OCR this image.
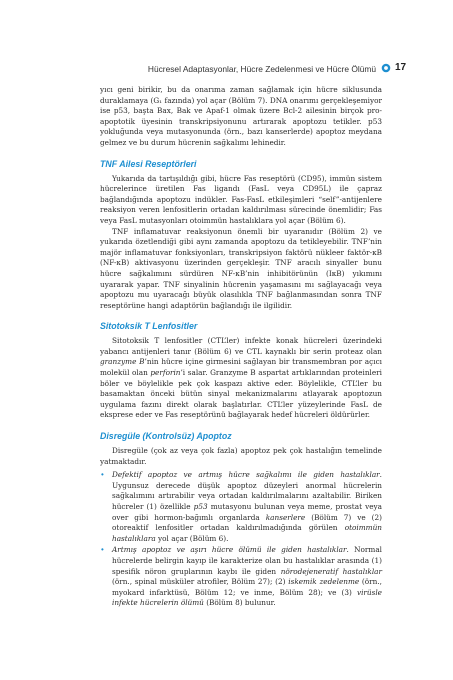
Hücresel Adaptasyonlar, Hücre Zedelenmesi ve Hücre Ölümü 17

yıcı geni birikir, bu da onarıma zaman sağlamak için hücre siklusunda duraklamaya (G₁ fazında) yol açar (Bölüm 7). DNA onarımı gerçekleşemiyor ise p53, başta Bax, Bak ve Apaf-1 olmak üzere Bcl-2 ailesinin birçok pro-apoptotik üyesinin transkripsiyonunu artırarak apoptozu tetikler. p53 yokluğunda veya mutasyonunda (örn., bazı kanserlerde) apoptoz meydana gelmez ve bu durum hücrenin sağkalımı lehinedir.

TNF Ailesi Reseptörleri

Yukarıda da tartışıldığı gibi, hücre Fas reseptörü (CD95), immün sistem hücrelerince üretilen Fas ligandı (FasL veya CD95L) ile çapraz bağlandığında apoptozu indükler. Fas-FasL etkileşimleri “self”-antijenlere reaksiyon veren lenfositlerin ortadan kaldırılması sürecinde önemlidir; Fas veya FasL mutasyonları otoimmün hastalıklara yol açar (Bölüm 6).

TNF inflamatuvar reaksiyonun önemli bir uyaranıdır (Bölüm 2) ve yukarıda özetlendiği gibi aynı zamanda apoptozu da tetikleyebilir. TNF’nin majör inflamatuvar fonksiyonları, transkripsiyon faktörü nükleer faktör-κB (NF-κB) aktivasyonu üzerinden gerçekleşir. TNF aracılı sinyaller bunu hücre sağkalımını sürdüren NF-κB’nin inhibitörünün (IκB) yıkımını uyararak yapar. TNF sinyalinin hücrenin yaşamasını mı sağlayacağı veya apoptozu mu uyaracağı büyük olasılıkla TNF bağlanmasından sonra TNF reseptörüne hangi adaptörün bağlandığı ile ilgilidir.

Sitotoksik T Lenfositler

Sitotoksik T lenfositler (CTL’ler) infekte konak hücreleri üzerindeki yabancı antijenleri tanır (Bölüm 6) ve CTL kaynaklı bir serin proteaz olan granzyme B’nin hücre içine girmesini sağlayan bir transmembran por açıcı molekül olan perforin’i salar. Granzyme B aspartat artıklarından proteinleri böler ve böylelikle pek çok kaspazı aktive eder. Böylelikle, CTL’ler bu basamaktan önceki bütün sinyal mekanizmalarını atlayarak apoptozun uygulama fazını direkt olarak başlatırlar. CTL’ler yüzeylerinde FasL de eksprese eder ve Fas reseptörünü bağlayarak hedef hücreleri öldürürler.

Disregüle (Kontrolsüz) Apoptoz

Disregüle (çok az veya çok fazla) apoptoz pek çok hastalığın temelinde yatmaktadır.

• Defektif apoptoz ve artmış hücre sağkalımı ile giden hastalıklar. Uygunsuz derecede düşük apoptoz düzeyleri anormal hücrelerin sağkalımını artırabilir veya ortadan kaldırılmalarını azaltabilir. Biriken hücreler (1) özellikle p53 mutasyonu bulunan veya meme, prostat veya over gibi hormon-bağımlı organlarda kanserlere (Bölüm 7) ve (2) otoreaktif lenfositler ortadan kaldırılmadığında görülen otoimmün hastalıklara yol açar (Bölüm 6).
• Artmış apoptoz ve aşırı hücre ölümü ile giden hastalıklar. Normal hücrelerde belirgin kayıp ile karakterize olan bu hastalıklar arasında (1) spesifik nöron gruplarının kaybı ile giden nörodejeneratif hastalıklar (örn., spinal müsküler atrofiler, Bölüm 27); (2) iskemik zedelenme (örn., myokard infarktüsü, Bölüm 12; ve inme, Bölüm 28); ve (3) virüsle infekte hücrelerin ölümü (Bölüm 8) bulunur.
